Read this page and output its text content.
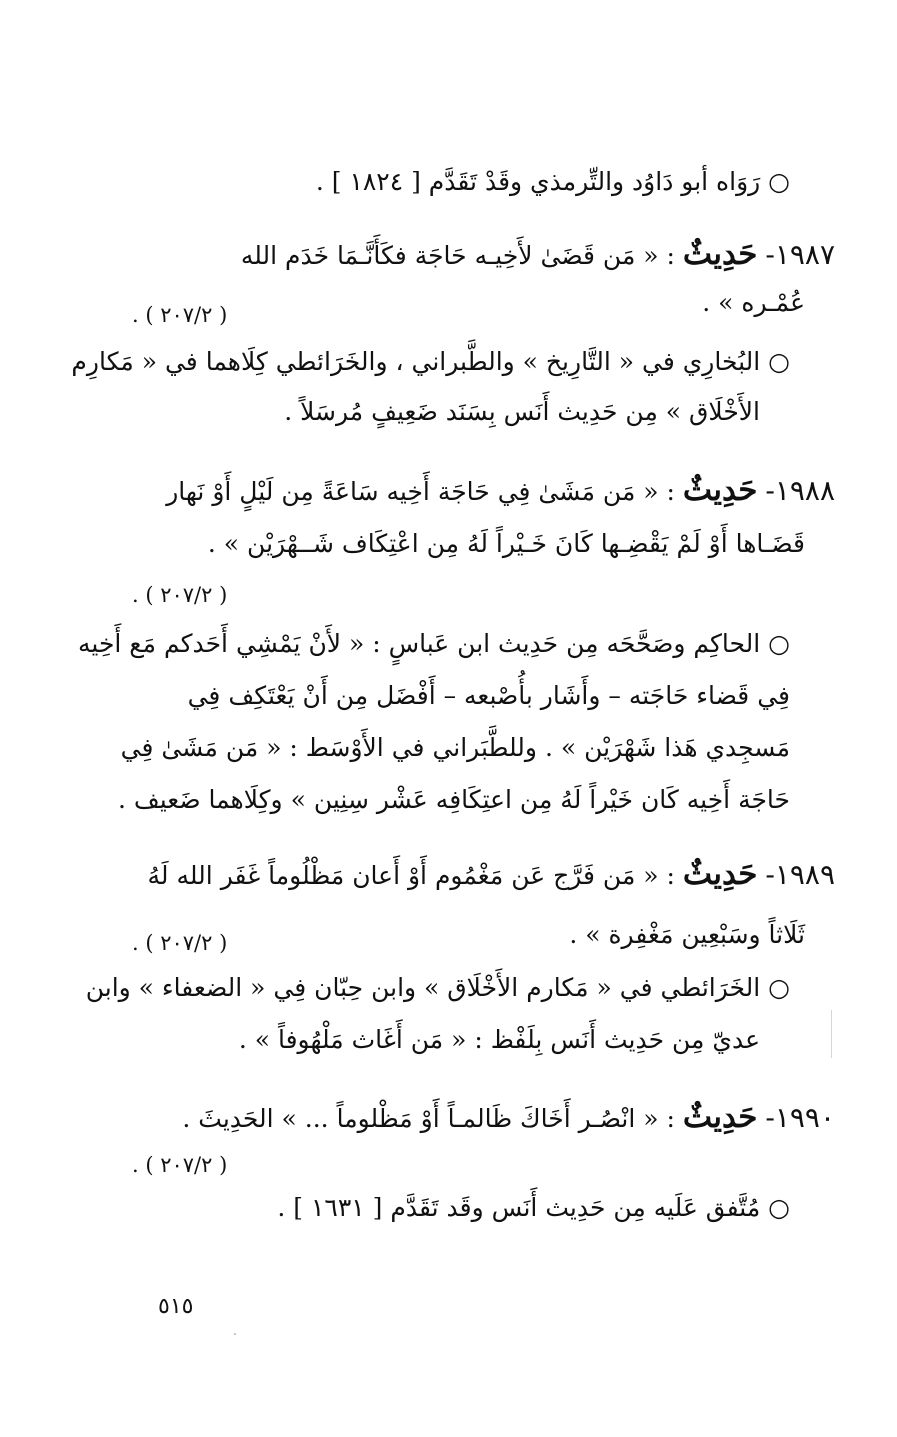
○ رَوَاه أبو دَاوُد والتِّرمذي وقَدْ تَقَدَّم [ ١٨٢٤ ] .
١٩٨٧- حَدِيثٌ : « مَن قَضَىٰ لأَخِيـه حَاجَة فكَأَنَّـمَا خَدَم الله
عُمْـره » .
( ٢٠٧/٢ ) .
○ البُخارِي في « التَّارِيخ » والطَّبراني ، والخَرَائطي كِلَاهما في « مَكارِم
الأَخْلَاق » مِن حَدِيث أَنَس بِسَنَد ضَعِيفٍ مُرسَلاً .
١٩٨٨- حَدِيثٌ : « مَن مَشَىٰ فِي حَاجَة أَخِيه سَاعَةً مِن لَيْلٍ أَوْ نَهار
قَضَـاها أَوْ لَمْ يَقْضِـها كَانَ خَـيْراً لَهُ مِن اعْتِكَاف شَــهْرَيْن » .
( ٢٠٧/٢ ) .
○ الحاكِم وصَحَّحَه مِن حَدِيث ابن عَباسٍ : « لأَنْ يَمْشِي أَحَدكم مَع أَخِيه
فِي قَضاء حَاجَته – وأَشَار بأُصْبعه – أَفْضَل مِن أَنْ يَعْتَكِف فِي
مَسجِدي هَذا شَهْرَيْن » . وللطَّبَراني في الأَوْسَط : « مَن مَشَىٰ فِي
حَاجَة أَخِيه كَان خَيْراً لَهُ مِن اعتِكَافِه عَشْر سِنِين » وكِلَاهما ضَعيف .
١٩٨٩- حَدِيثٌ : « مَن فَرَّج عَن مَغْمُوم أَوْ أَعان مَظْلُوماً غَفَر الله لَهُ
ثَلَاثاً وسَبْعِين مَغْفِرة » .
( ٢٠٧/٢ ) .
○ الخَرَائطي في « مَكارم الأَخْلَاق » وابن حِبّان فِي « الضعفاء » وابن
عديّ مِن حَدِيث أَنَس بِلَفْظ : « مَن أَغَاث مَلْهُوفاً » .
١٩٩٠- حَدِيثٌ : « انْصُـر أَخَاكَ ظَالمـاً أَوْ مَظْلوماً ... » الحَدِيثَ .
( ٢٠٧/٢ ) .
○ مُتَّفق عَلَيه مِن حَدِيث أَنَس وقَد تَقَدَّم [ ١٦٣١ ] .
٥١٥
